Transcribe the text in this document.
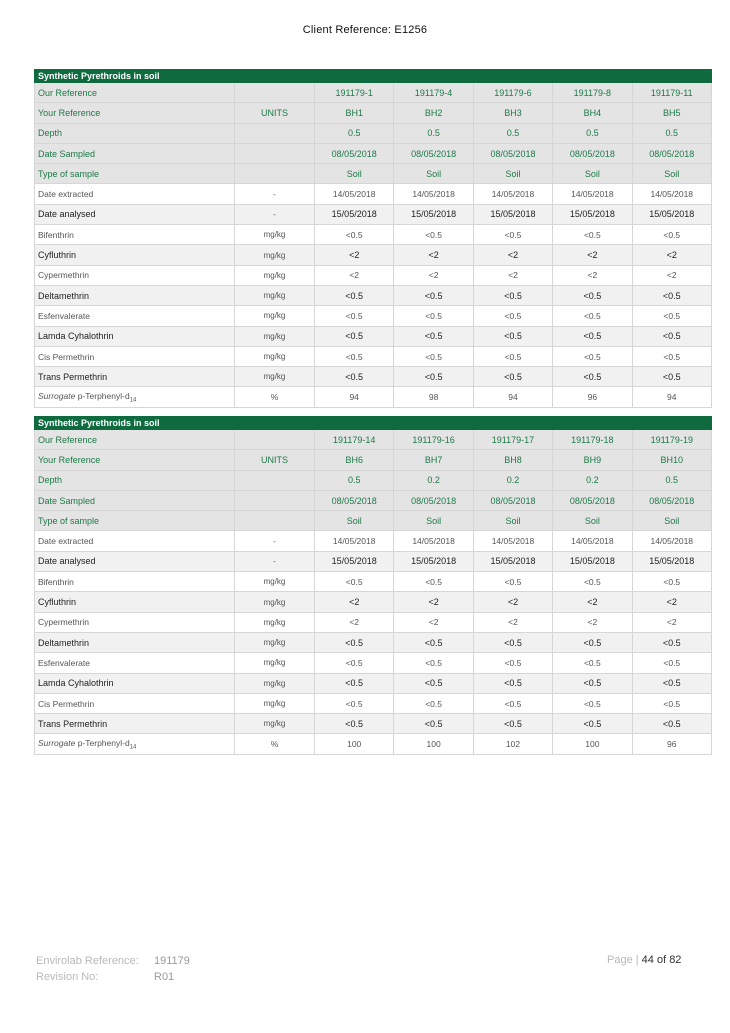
Client Reference: E1256
Synthetic Pyrethroids in soil						
Our Reference		191179-1	191179-4	191179-6	191179-8	191179-11
Your Reference	UNITS	BH1	BH2	BH3	BH4	BH5
Depth		0.5	0.5	0.5	0.5	0.5
Date Sampled		08/05/2018	08/05/2018	08/05/2018	08/05/2018	08/05/2018
Type of sample		Soil	Soil	Soil	Soil	Soil
Date extracted	-	14/05/2018	14/05/2018	14/05/2018	14/05/2018	14/05/2018
Date analysed	-	15/05/2018	15/05/2018	15/05/2018	15/05/2018	15/05/2018
Bifenthrin	mg/kg	<0.5	<0.5	<0.5	<0.5	<0.5
Cyfluthrin	mg/kg	<2	<2	<2	<2	<2
Cypermethrin	mg/kg	<2	<2	<2	<2	<2
Deltamethrin	mg/kg	<0.5	<0.5	<0.5	<0.5	<0.5
Esfenvalerate	mg/kg	<0.5	<0.5	<0.5	<0.5	<0.5
Lamda Cyhalothrin	mg/kg	<0.5	<0.5	<0.5	<0.5	<0.5
Cis Permethrin	mg/kg	<0.5	<0.5	<0.5	<0.5	<0.5
Trans Permethrin	mg/kg	<0.5	<0.5	<0.5	<0.5	<0.5
Surrogate $p-Terphenyl-d_{14}$	%	94	98	94	96	94
Synthetic Pyrethroids in soil						
Our Reference		191179-14	191179-16	191179-17	191179-18	191179-19
Your Reference	UNITS	BH6	BH7	BH8	BH9	BH10
Depth		0.5	0.2	0.2	0.2	0.5
Date Sampled		08/05/2018	08/05/2018	08/05/2018	08/05/2018	08/05/2018
Type of sample		Soil	Soil	Soil	Soil	Soil
Date extracted	-	14/05/2018	14/05/2018	14/05/2018	14/05/2018	14/05/2018
Date analysed	-	15/05/2018	15/05/2018	15/05/2018	15/05/2018	15/05/2018
Bifenthrin	mg/kg	<0.5	<0.5	<0.5	<0.5	<0.5
Cyfluthrin	mg/kg	<2	<2	<2	<2	<2
Cypermethrin	mg/kg	<2	<2	<2	<2	<2
Deltamethrin	mg/kg	<0.5	<0.5	<0.5	<0.5	<0.5
Esfenvalerate	mg/kg	<0.5	<0.5	<0.5	<0.5	<0.5
Lamda Cyhalothrin	mg/kg	<0.5	<0.5	<0.5	<0.5	<0.5
Cis Permethrin	mg/kg	<0.5	<0.5	<0.5	<0.5	<0.5
Trans Permethrin	mg/kg	<0.5	<0.5	<0.5	<0.5	<0.5
Surrogate $p-Terphenyl-d_{14}$	%	100	100	102	100	96
Envirolab Reference: 191179
Revision No:	R01
Page | 44 of 82
